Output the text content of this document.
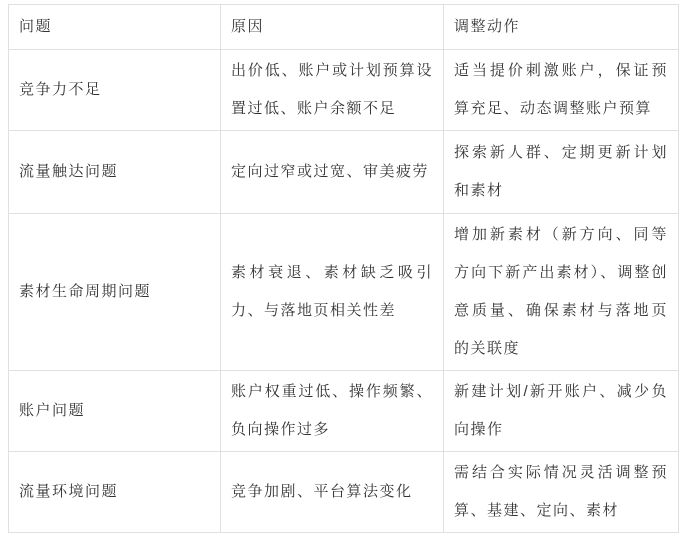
问题	原因	调整动作
竞争力不足	出价低、账户或计划预算设置过低、账户余额不足	适当提价刺激账户，保证预算充足、动态调整账户预算
流量触达问题	定向过窄或过宽、审美疲劳	探索新人群、定期更新计划和素材
素材生命周期问题	素材衰退、素材缺乏吸引力、与落地页相关性差	增加新素材（新方向、同等方向下新产出素材）、调整创意质量、确保素材与落地页的关联度
账户问题	账户权重过低、操作频繁、负向操作过多	新建计划/新开账户、减少负向操作
流量环境问题	竞争加剧、平台算法变化	需结合实际情况灵活调整预算、基建、定向、素材
